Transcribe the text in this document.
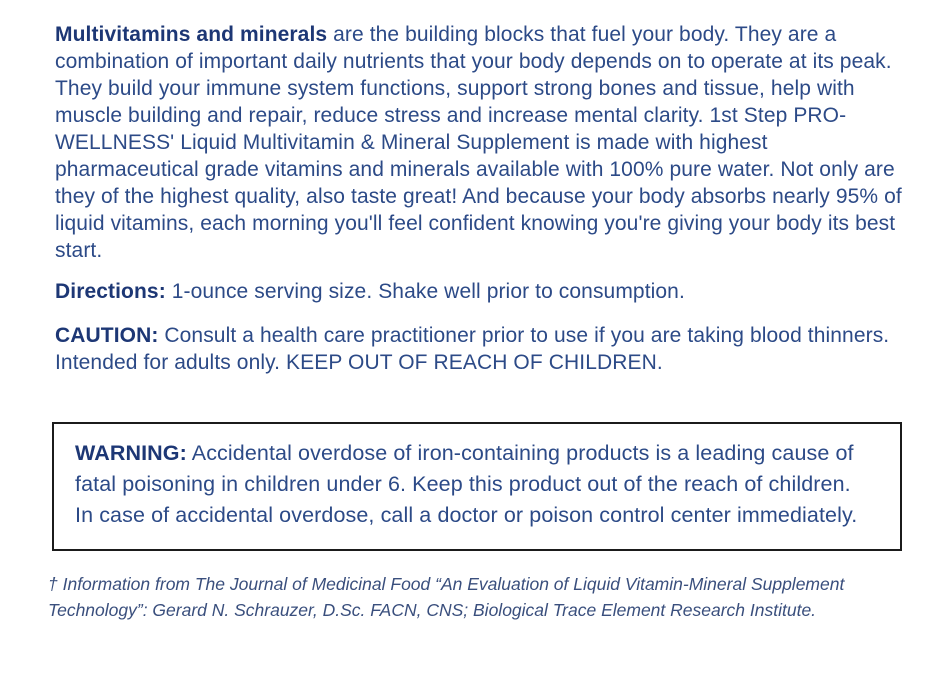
Multivitamins and minerals are the building blocks that fuel your body. They are a combination of important daily nutrients that your body depends on to operate at its peak. They build your immune system functions, support strong bones and tissue, help with muscle building and repair, reduce stress and increase mental clarity. 1st Step PRO-WELLNESS' Liquid Multivitamin & Mineral Supplement is made with highest pharmaceutical grade vitamins and minerals available with 100% pure water. Not only are they of the highest quality, also taste great! And because your body absorbs nearly 95% of liquid vitamins, each morning you'll feel confident knowing you're giving your body its best start.

Directions: 1-ounce serving size. Shake well prior to consumption.

CAUTION: Consult a health care practitioner prior to use if you are taking blood thinners. Intended for adults only. KEEP OUT OF REACH OF CHILDREN.

WARNING: Accidental overdose of iron-containing products is a leading cause of fatal poisoning in children under 6. Keep this product out of the reach of children. In case of accidental overdose, call a doctor or poison control center immediately.

† Information from The Journal of Medicinal Food “An Evaluation of Liquid Vitamin-Mineral Supplement Technology”: Gerard N. Schrauzer, D.Sc. FACN, CNS; Biological Trace Element Research Institute.
